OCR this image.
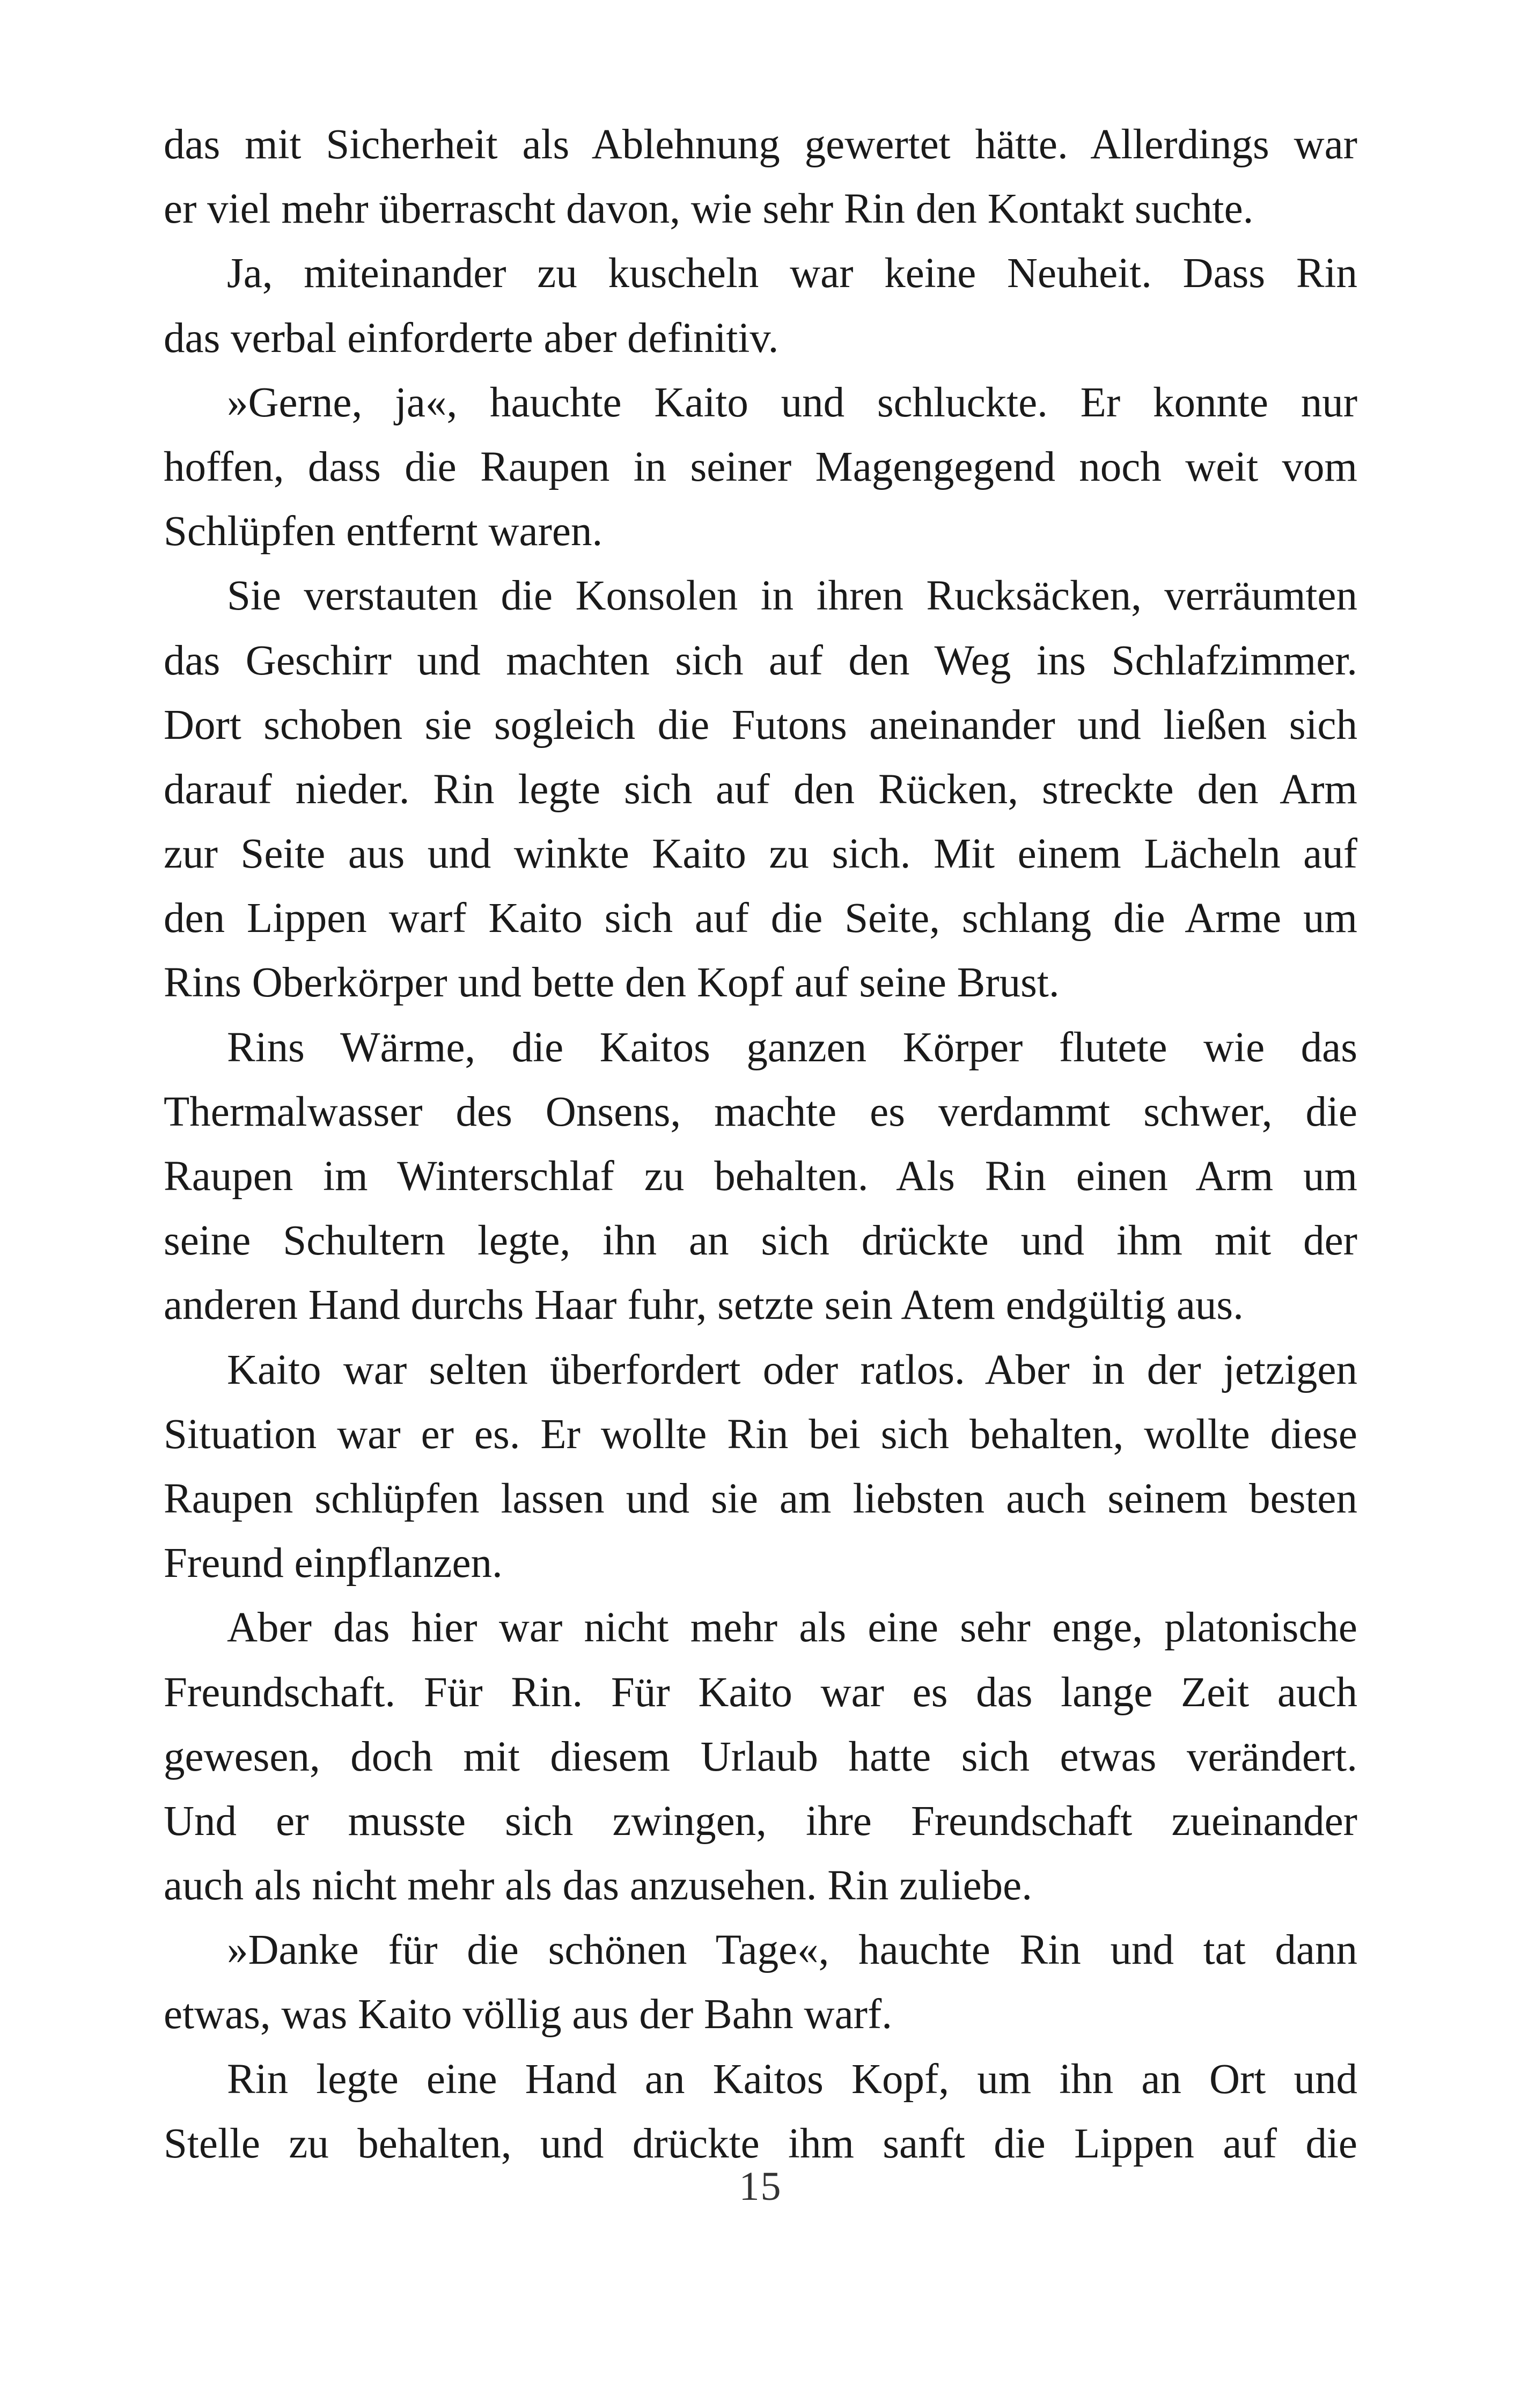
das mit Sicherheit als Ablehnung gewertet hätte. Allerdings war
er viel mehr überrascht davon, wie sehr Rin den Kontakt suchte.
Ja, miteinander zu kuscheln war keine Neuheit. Dass Rin
das verbal einforderte aber definitiv.
»Gerne, ja«, hauchte Kaito und schluckte. Er konnte nur
hoffen, dass die Raupen in seiner Magengegend noch weit vom
Schlüpfen entfernt waren.
Sie verstauten die Konsolen in ihren Rucksäcken, verräumten
das Geschirr und machten sich auf den Weg ins Schlafzimmer.
Dort schoben sie sogleich die Futons aneinander und ließen sich
darauf nieder. Rin legte sich auf den Rücken, streckte den Arm
zur Seite aus und winkte Kaito zu sich. Mit einem Lächeln auf
den Lippen warf Kaito sich auf die Seite, schlang die Arme um
Rins Oberkörper und bette den Kopf auf seine Brust.
Rins Wärme, die Kaitos ganzen Körper flutete wie das
Thermalwasser des Onsens, machte es verdammt schwer, die
Raupen im Winterschlaf zu behalten. Als Rin einen Arm um
seine Schultern legte, ihn an sich drückte und ihm mit der
anderen Hand durchs Haar fuhr, setzte sein Atem endgültig aus.
Kaito war selten überfordert oder ratlos. Aber in der jetzigen
Situation war er es. Er wollte Rin bei sich behalten, wollte diese
Raupen schlüpfen lassen und sie am liebsten auch seinem besten
Freund einpflanzen.
Aber das hier war nicht mehr als eine sehr enge, platonische
Freundschaft. Für Rin. Für Kaito war es das lange Zeit auch
gewesen, doch mit diesem Urlaub hatte sich etwas verändert.
Und er musste sich zwingen, ihre Freundschaft zueinander
auch als nicht mehr als das anzusehen. Rin zuliebe.
»Danke für die schönen Tage«, hauchte Rin und tat dann
etwas, was Kaito völlig aus der Bahn warf.
Rin legte eine Hand an Kaitos Kopf, um ihn an Ort und
Stelle zu behalten, und drückte ihm sanft die Lippen auf die
15
